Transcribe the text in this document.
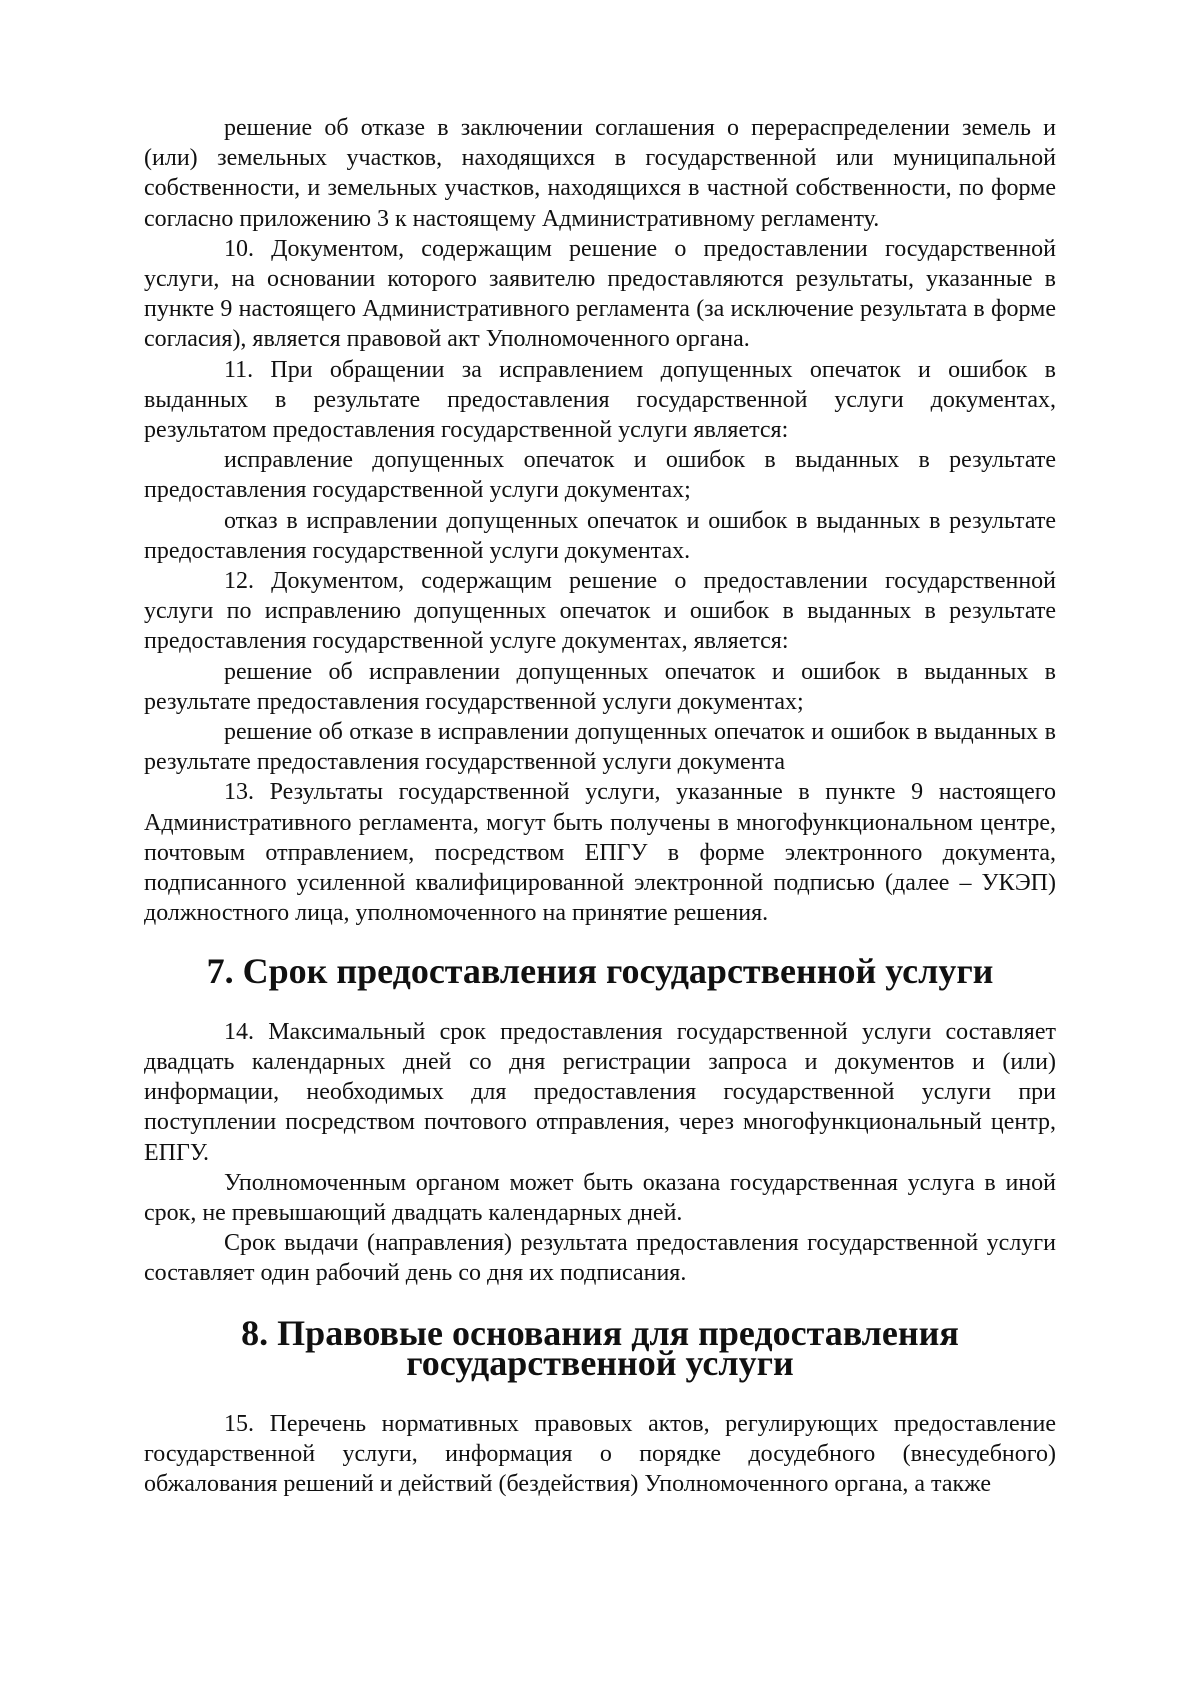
решение об отказе в заключении соглашения о перераспределении земель и (или) земельных участков, находящихся в государственной или муниципальной собственности, и земельных участков, находящихся в частной собственности, по форме согласно приложению 3 к настоящему Административному регламенту.

10. Документом, содержащим решение о предоставлении государственной услуги, на основании которого заявителю предоставляются результаты, указанные в пункте 9 настоящего Административного регламента (за исключение результата в форме согласия), является правовой акт Уполномоченного органа.

11. При обращении за исправлением допущенных опечаток и ошибок в выданных в результате предоставления государственной услуги документах, результатом предоставления государственной услуги является:

исправление допущенных опечаток и ошибок в выданных в результате предоставления государственной услуги документах;

отказ в исправлении допущенных опечаток и ошибок в выданных в результате предоставления государственной услуги документах.

12. Документом, содержащим решение о предоставлении государственной услуги по исправлению допущенных опечаток и ошибок в выданных в результате предоставления государственной услуге документах, является:

решение об исправлении допущенных опечаток и ошибок в выданных в результате предоставления государственной услуги документах;

решение об отказе в исправлении допущенных опечаток и ошибок в выданных в результате предоставления государственной услуги документа

13. Результаты государственной услуги, указанные в пункте 9 настоящего Административного регламента, могут быть получены в многофункциональном центре, почтовым отправлением, посредством ЕПГУ в форме электронного документа, подписанного усиленной квалифицированной электронной подписью (далее – УКЭП) должностного лица, уполномоченного на принятие решения.

7. Срок предоставления государственной услуги

14. Максимальный срок предоставления государственной услуги составляет двадцать календарных дней со дня регистрации запроса и документов и (или) информации, необходимых для предоставления государственной услуги при поступлении посредством почтового отправления, через многофункциональный центр, ЕПГУ.

Уполномоченным органом может быть оказана государственная услуга в иной срок, не превышающий двадцать календарных дней.

Срок выдачи (направления) результата предоставления государственной услуги составляет один рабочий день со дня их подписания.

8. Правовые основания для предоставления государственной услуги

15. Перечень нормативных правовых актов, регулирующих предоставление государственной услуги, информация о порядке досудебного (внесудебного) обжалования решений и действий (бездействия) Уполномоченного органа, а также
